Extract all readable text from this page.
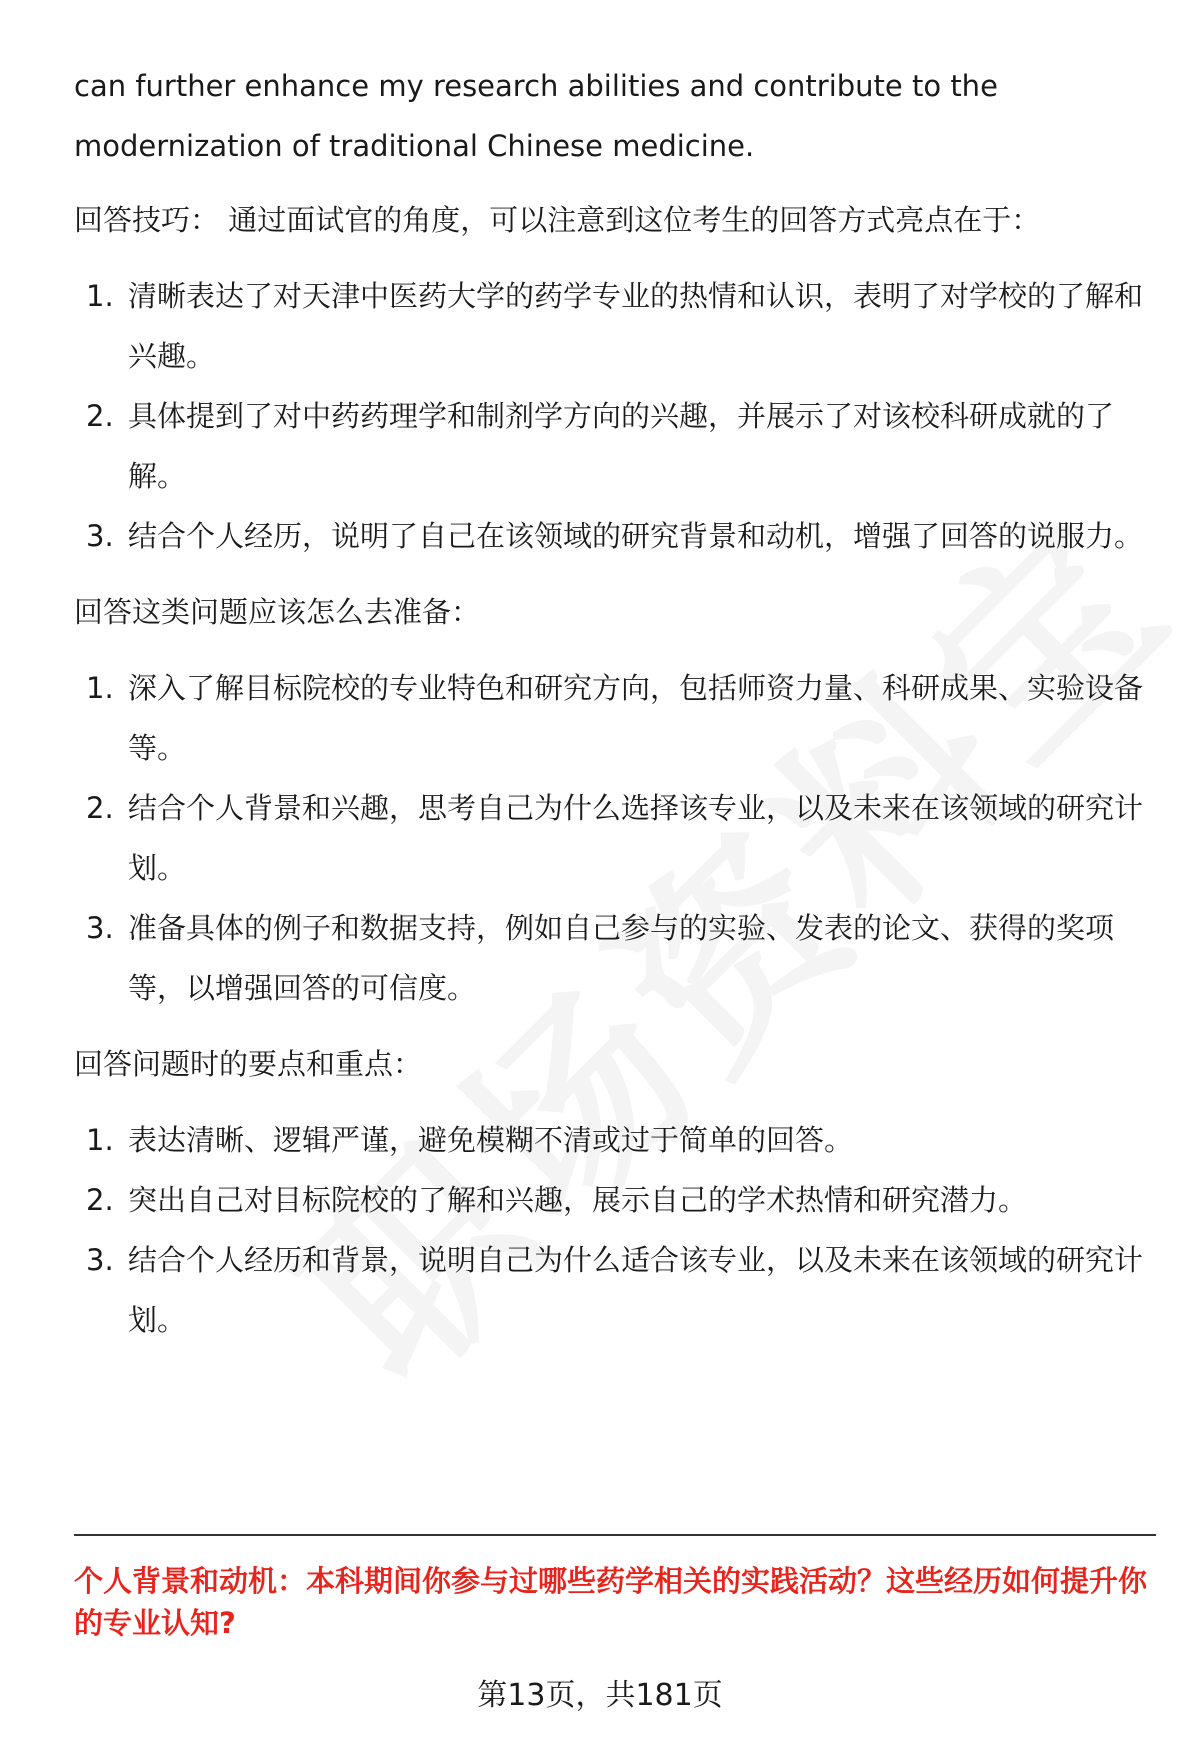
can further enhance my research abilities and contribute to the

modernization of traditional Chinese medicine.

回答技巧： 通过面试官的角度，可以注意到这位考生的回答方式亮点在于：

1. 清晰表达了对天津中医药大学的药学专业的热情和认识，表明了对学校的了解和兴趣。
2. 具体提到了对中药药理学和制剂学方向的兴趣，并展示了对该校科研成就的了解。
3. 结合个人经历，说明了自己在该领域的研究背景和动机，增强了回答的说服力。

回答这类问题应该怎么去准备：

1. 深入了解目标院校的专业特色和研究方向，包括师资力量、科研成果、实验设备等。
2. 结合个人背景和兴趣，思考自己为什么选择该专业，以及未来在该领域的研究计划。
3. 准备具体的例子和数据支持，例如自己参与的实验、发表的论文、获得的奖项等，以增强回答的可信度。

回答问题时的要点和重点：

1. 表达清晰、逻辑严谨，避免模糊不清或过于简单的回答。
2. 突出自己对目标院校的了解和兴趣，展示自己的学术热情和研究潜力。
3. 结合个人经历和背景，说明自己为什么适合该专业，以及未来在该领域的研究计划。
个人背景和动机：本科期间你参与过哪些药学相关的实践活动？这些经历如何提升你的专业认知?
第13页，共181页
